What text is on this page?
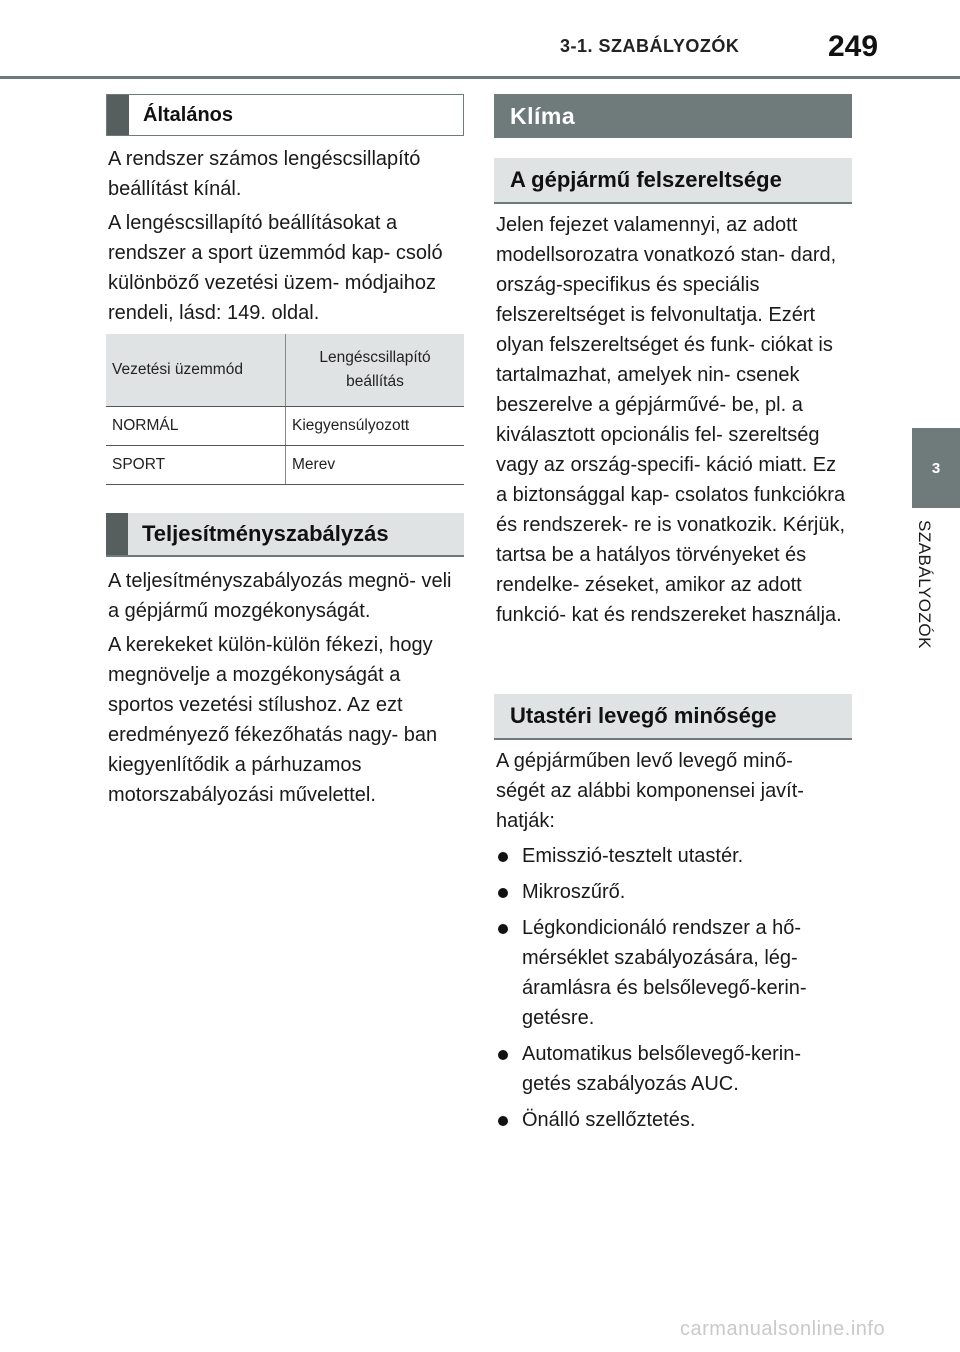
3-1. SZABÁLYOZÓK	249
3
SZABÁLYOZÓK
Általános

A rendszer számos lengéscsillapító beállítást kínál.

A lengéscsillapító beállításokat a rendszer a sport üzemmód kap- csoló különböző vezetési üzem- módjaihoz rendeli, lásd: 149. oldal.

Vezetési üzemmód	Lengéscsillapító beállítás
NORMÁL	Kiegyensúlyozott
SPORT	Merev
Teljesítményszabályzás

A teljesítményszabályozás megnö- veli a gépjármű mozgékonyságát.

A kerekeket külön-külön fékezi, hogy megnövelje a mozgékonyságát a sportos vezetési stílushoz. Az ezt eredményező fékezőhatás nagy- ban kiegyenlítődik a párhuzamos motorszabályozási művelettel.

Klíma
A gépjármű felszereltsége

Jelen fejezet valamennyi, az adott modellsorozatra vonatkozó stan- dard, ország-specifikus és speciális felszereltséget is felvonultatja. Ezért olyan felszereltséget és funk- ciókat is tartalmazhat, amelyek nin- csenek beszerelve a gépjárművé- be, pl. a kiválasztott opcionális fel- szereltség vagy az ország-specifi- káció miatt. Ez a biztonsággal kap- csolatos funkciókra és rendszerek- re is vonatkozik. Kérjük, tartsa be a hatályos törvényeket és rendelke- zéseket, amikor az adott funkció- kat és rendszereket használja.

Utastéri levegő minősége

A gépjárműben levő levegő minő- ségét az alábbi komponensei javít- hatják:

Emisszió-tesztelt utastér.
Mikroszűrő.
Légkondicionáló rendszer a hő- mérséklet szabályozására, lég- áramlásra és belsőlevegő-kerin- getésre.
Automatikus belsőlevegő-kerin- getés szabályozás AUC.
Önálló szellőztetés.
carmanualsonline.info
